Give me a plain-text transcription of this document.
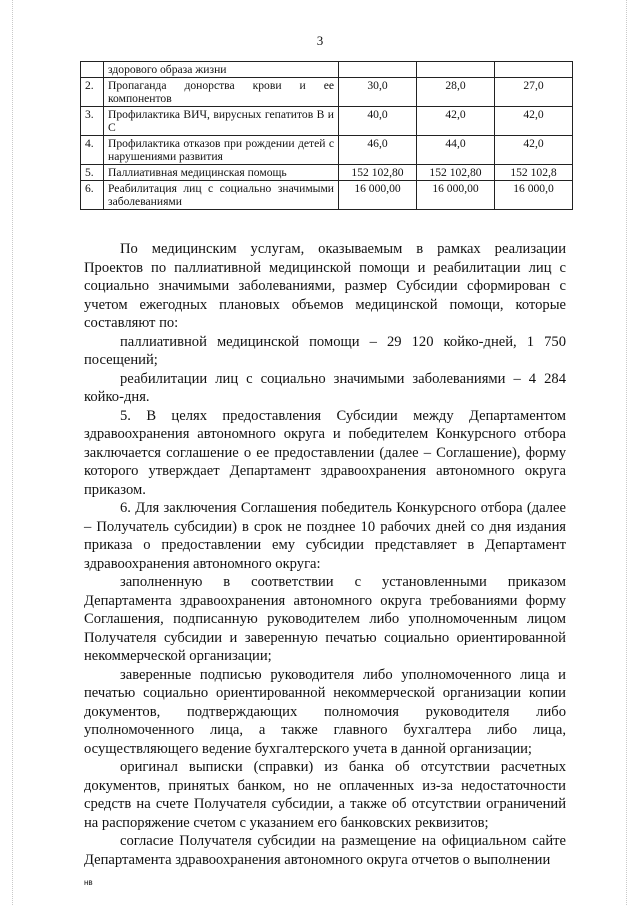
3
	здорового образа жизни			
2.	Пропаганда донорства крови и ее компонентов	30,0	28,0	27,0
3.	Профилактика ВИЧ, вирусных гепатитов В и С	40,0	42,0	42,0
4.	Профилактика отказов при рождении детей с нарушениями развития	46,0	44,0	42,0
5.	Паллиативная медицинская помощь	152 102,80	152 102,80	152 102,8
6.	Реабилитация лиц с социально значимыми заболеваниями	16 000,00	16 000,00	16 000,0

По медицинским услугам, оказываемым в рамках реализации Проектов по паллиативной медицинской помощи и реабилитации лиц с социально значимыми заболеваниями, размер Субсидии сформирован с учетом ежегодных плановых объемов медицинской помощи, которые составляют по:

паллиативной медицинской помощи – 29 120 койко-дней, 1 750 посещений;

реабилитации лиц с социально значимыми заболеваниями – 4 284 койко-дня.

5. В целях предоставления Субсидии между Департаментом здравоохранения автономного округа и победителем Конкурсного отбора заключается соглашение о ее предоставлении (далее – Соглашение), форму которого утверждает Департамент здравоохранения автономного округа приказом.

6. Для заключения Соглашения победитель Конкурсного отбора (далее – Получатель субсидии) в срок не позднее 10 рабочих дней со дня издания приказа о предоставлении ему субсидии представляет в Департамент здравоохранения автономного округа:

заполненную в соответствии с установленными приказом Департамента здравоохранения автономного округа требованиями форму Соглашения, подписанную руководителем либо уполномоченным лицом Получателя субсидии и заверенную печатью социально ориентированной некоммерческой организации;

заверенные подписью руководителя либо уполномоченного лица и печатью социально ориентированной некоммерческой организации копии документов, подтверждающих полномочия руководителя либо уполномоченного лица, а также главного бухгалтера либо лица, осуществляющего ведение бухгалтерского учета в данной организации;

оригинал выписки (справки) из банка об отсутствии расчетных документов, принятых банком, но не оплаченных из-за недостаточности средств на счете Получателя субсидии, а также об отсутствии ограничений на распоряжение счетом с указанием его банковских реквизитов;

согласие Получателя субсидии на размещение на официальном сайте Департамента здравоохранения автономного округа отчетов о выполнении

нв
